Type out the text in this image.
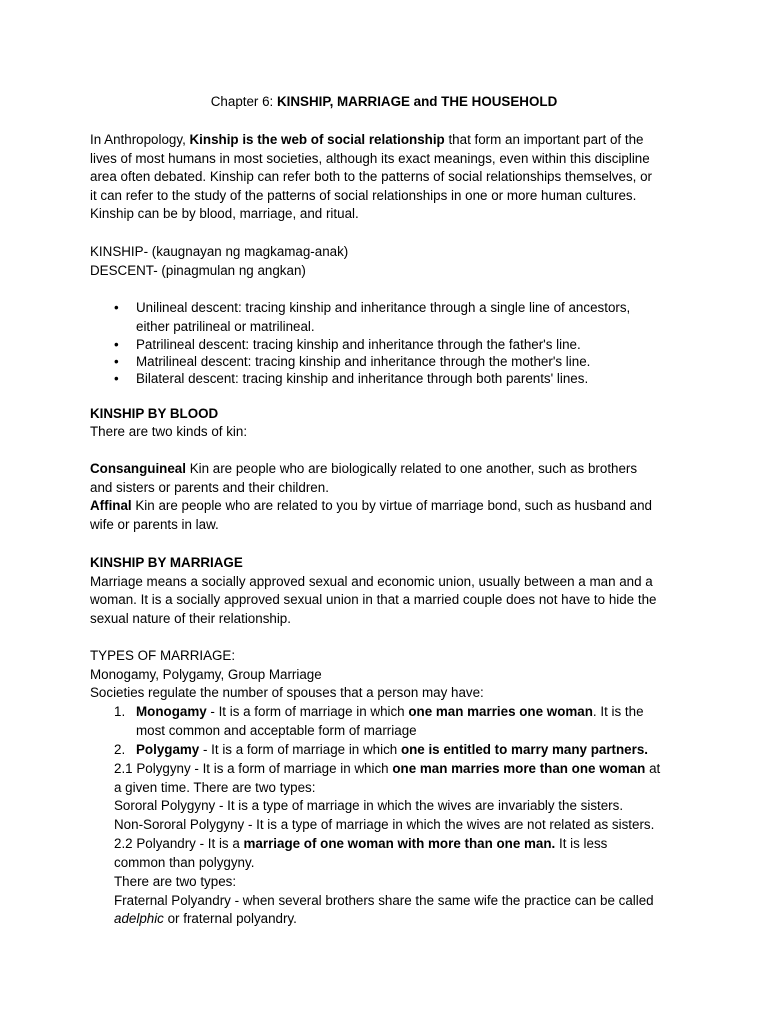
Chapter 6: KINSHIP, MARRIAGE and THE HOUSEHOLD
In Anthropology, Kinship is the web of social relationship that form an important part of the
lives of most humans in most societies, although its exact meanings, even within this discipline
area often debated. Kinship can refer both to the patterns of social relationships themselves, or
it can refer to the study of the patterns of social relationships in one or more human cultures.
Kinship can be by blood, marriage, and ritual.
KINSHIP- (kaugnayan ng magkamag-anak)
DESCENT- (pinagmulan ng angkan)
• Unilineal descent: tracing kinship and inheritance through a single line of ancestors,
either patrilineal or matrilineal.
• Patrilineal descent: tracing kinship and inheritance through the father's line.
• Matrilineal descent: tracing kinship and inheritance through the mother's line.
• Bilateral descent: tracing kinship and inheritance through both parents' lines.
KINSHIP BY BLOOD
There are two kinds of kin:
Consanguineal Kin are people who are biologically related to one another, such as brothers
and sisters or parents and their children.
Affinal Kin are people who are related to you by virtue of marriage bond, such as husband and
wife or parents in law.
KINSHIP BY MARRIAGE
Marriage means a socially approved sexual and economic union, usually between a man and a
woman. It is a socially approved sexual union in that a married couple does not have to hide the
sexual nature of their relationship.
TYPES OF MARRIAGE:
Monogamy, Polygamy, Group Marriage
Societies regulate the number of spouses that a person may have:
1. Monogamy - It is a form of marriage in which one man marries one woman. It is the
most common and acceptable form of marriage
2. Polygamy - It is a form of marriage in which one is entitled to marry many partners.
2.1 Polygyny - It is a form of marriage in which one man marries more than one woman at
a given time. There are two types:
Sororal Polygyny - It is a type of marriage in which the wives are invariably the sisters.
Non-Sororal Polygyny - It is a type of marriage in which the wives are not related as sisters.
2.2 Polyandry - It is a marriage of one woman with more than one man. It is less
common than polygyny.
There are two types:
Fraternal Polyandry - when several brothers share the same wife the practice can be called
adelphic or fraternal polyandry.
